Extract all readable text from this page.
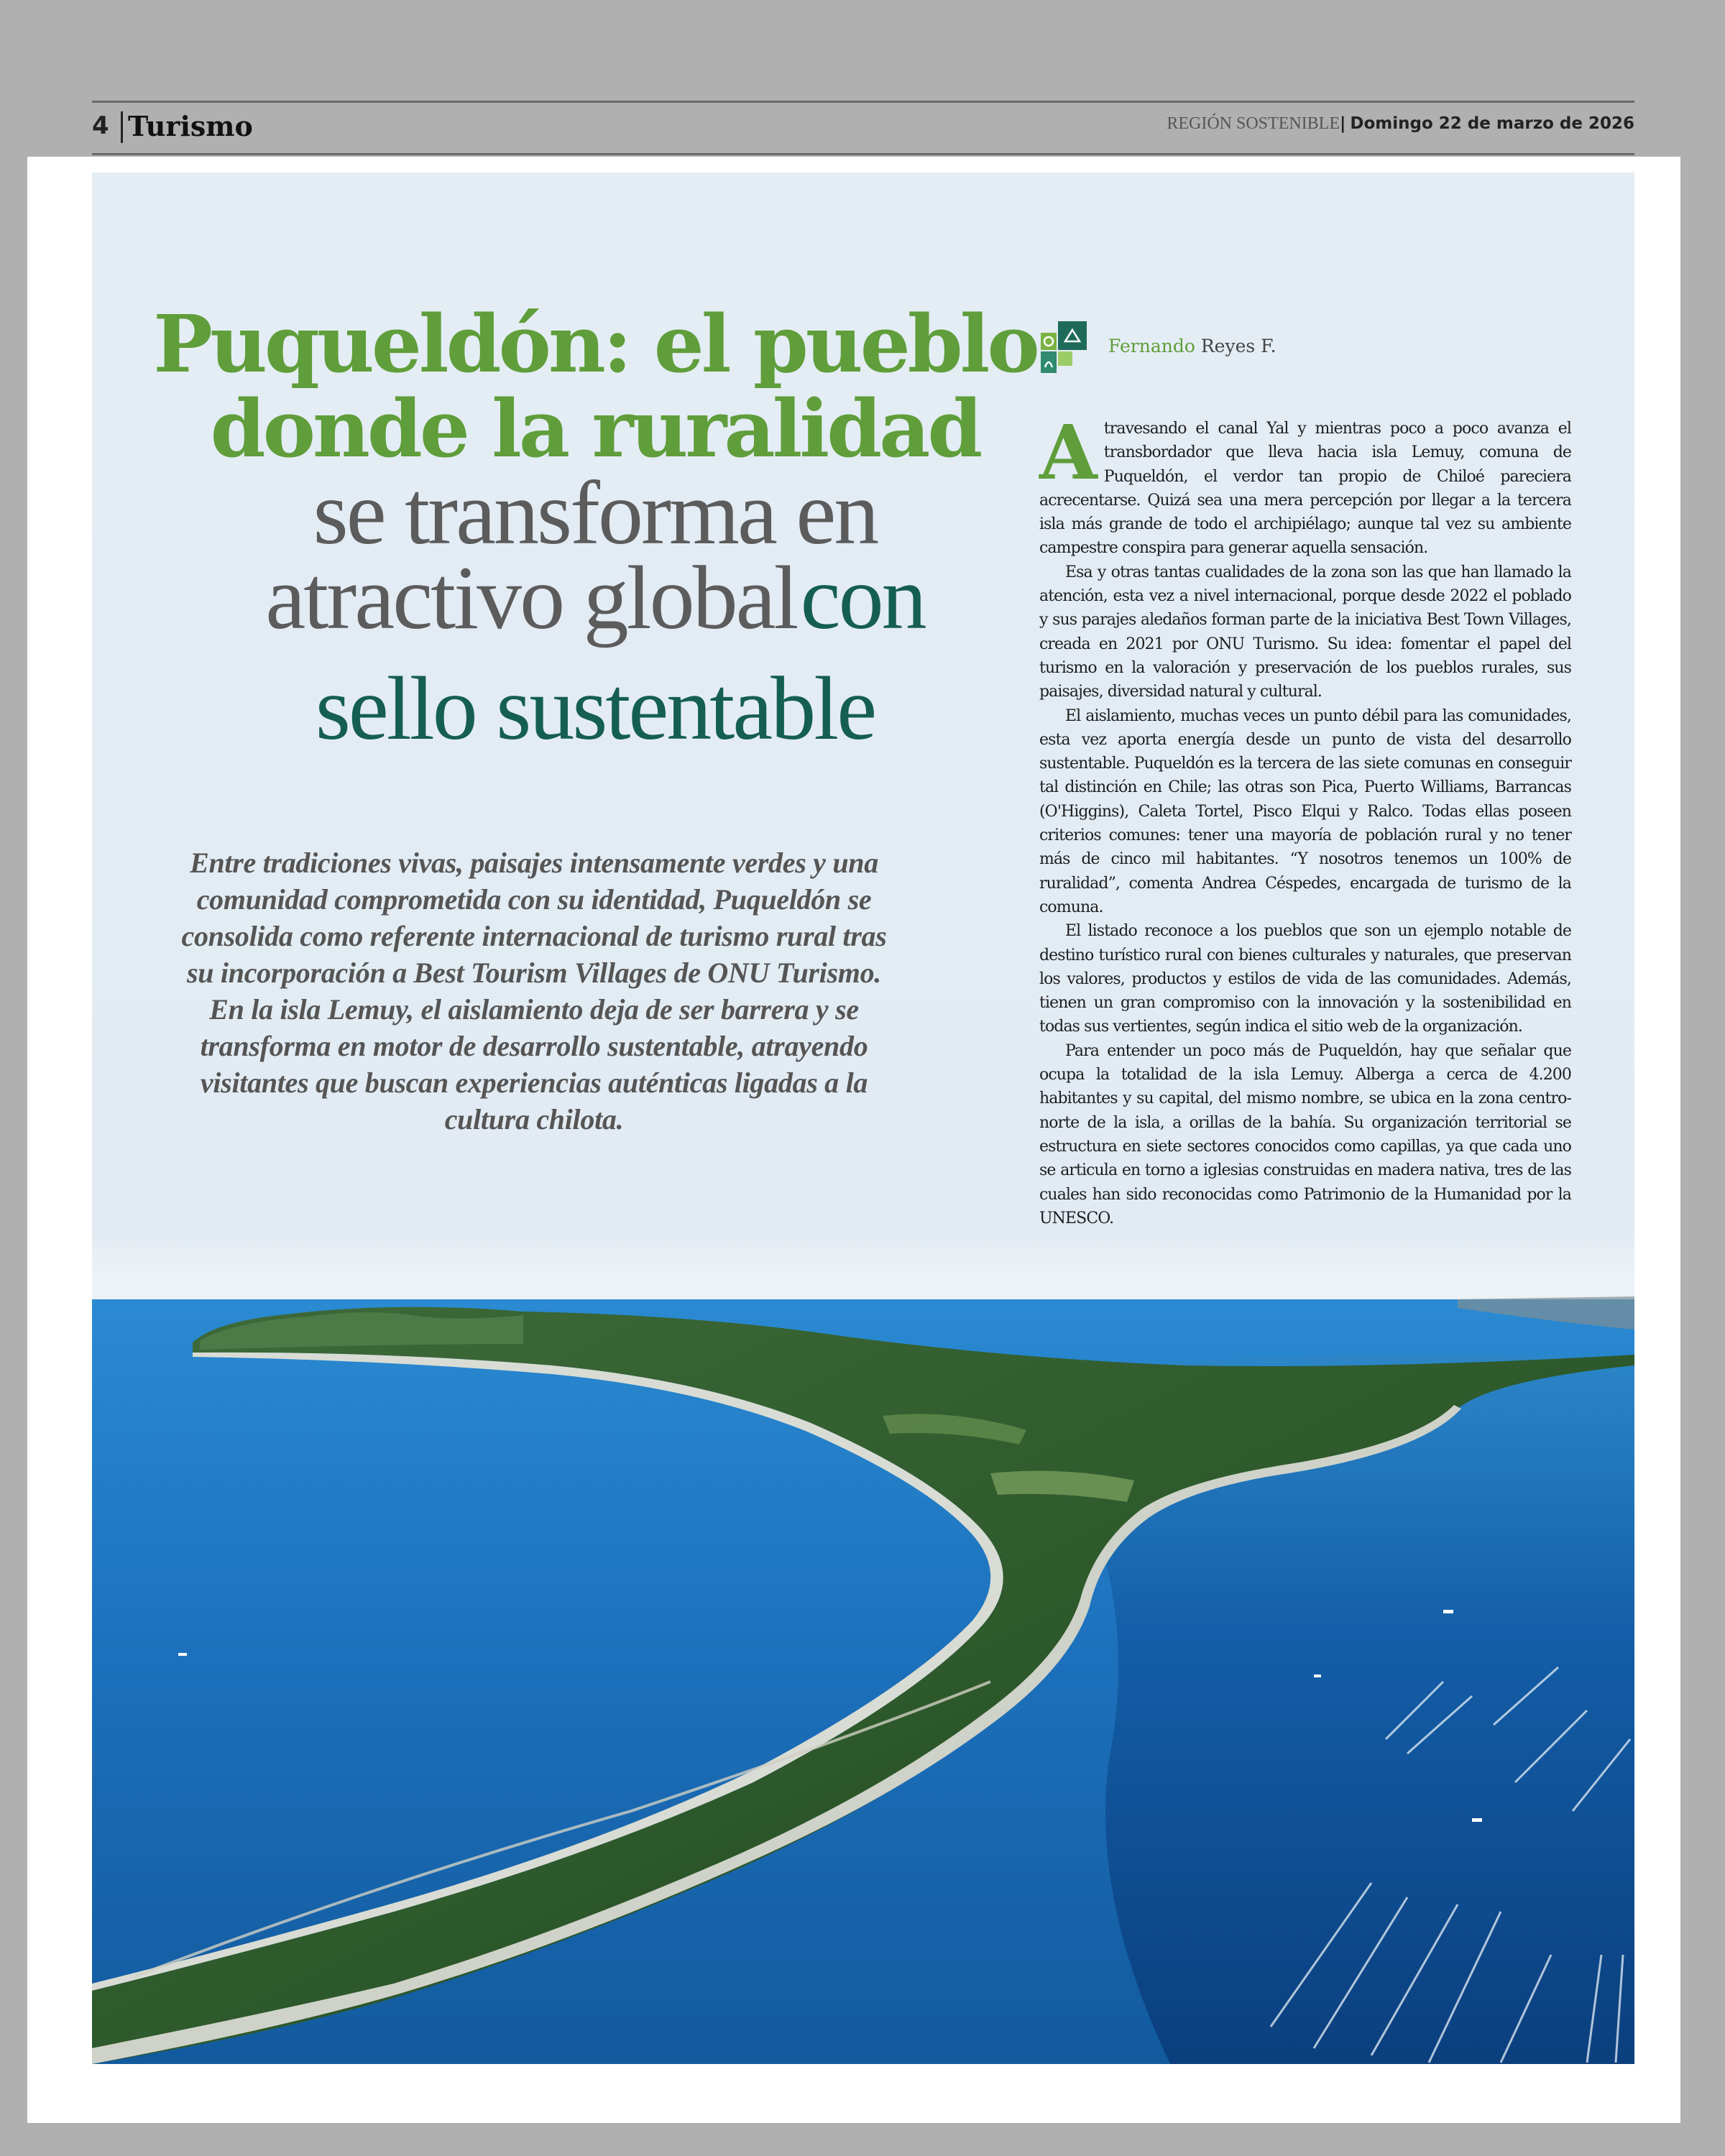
4 Turismo	REGIÓN SOSTENIBLE| Domingo 22 de marzo de 2026
Puqueldón: el pueblo
donde la ruralidad
se transforma en
atractivo global con
sello sustentable
Entre tradiciones vivas, paisajes intensamente verdes y una comunidad comprometida con su identidad, Puqueldón se consolida como referente internacional de turismo rural tras su incorporación a Best Tourism Villages de ONU Turismo. En la isla Lemuy, el aislamiento deja de ser barrera y se transforma en motor de desarrollo sustentable, atrayendo visitantes que buscan experiencias auténticas ligadas a la cultura chilota.
Fernando Reyes F.
A travesando el canal Yal y mientras poco a poco avanza el transbordador que lleva hacia isla Lemuy, comuna de Puqueldón, el verdor tan propio de Chiloé pareciera acrecentarse. Quizá sea una mera percepción por llegar a la tercera isla más grande de todo el archipiélago; aunque tal vez su ambiente campestre conspira para generar aquella sensación.

Esa y otras tantas cualidades de la zona son las que han llamado la atención, esta vez a nivel internacional, porque desde 2022 el poblado y sus parajes aledaños forman parte de la iniciativa Best Town Villages, creada en 2021 por ONU Turismo. Su idea: fomentar el papel del turismo en la valoración y preservación de los pueblos rurales, sus paisajes, diversidad natural y cultural.

El aislamiento, muchas veces un punto débil para las comunidades, esta vez aporta energía desde un punto de vista del desarrollo sustentable. Puqueldón es la tercera de las siete comunas en conseguir tal distinción en Chile; las otras son Pica, Puerto Williams, Barrancas (O'Higgins), Caleta Tortel, Pisco Elqui y Ralco. Todas ellas poseen criterios comunes: tener una mayoría de población rural y no tener más de cinco mil habitantes. “Y nosotros tenemos un 100% de ruralidad”, comenta Andrea Céspedes, encargada de turismo de la comuna.

El listado reconoce a los pueblos que son un ejemplo notable de destino turístico rural con bienes culturales y naturales, que preservan los valores, productos y estilos de vida de las comunidades. Además, tienen un gran compromiso con la innovación y la sostenibilidad en todas sus vertientes, según indica el sitio web de la organización.

Para entender un poco más de Puqueldón, hay que señalar que ocupa la totalidad de la isla Lemuy. Alberga a cerca de 4.200 habitantes y su capital, del mismo nombre, se ubica en la zona centro-norte de la isla, a orillas de la bahía. Su organización territorial se estructura en siete sectores conocidos como capillas, ya que cada uno se articula en torno a iglesias construidas en madera nativa, tres de las cuales han sido reconocidas como Patrimonio de la Humanidad por la UNESCO.
